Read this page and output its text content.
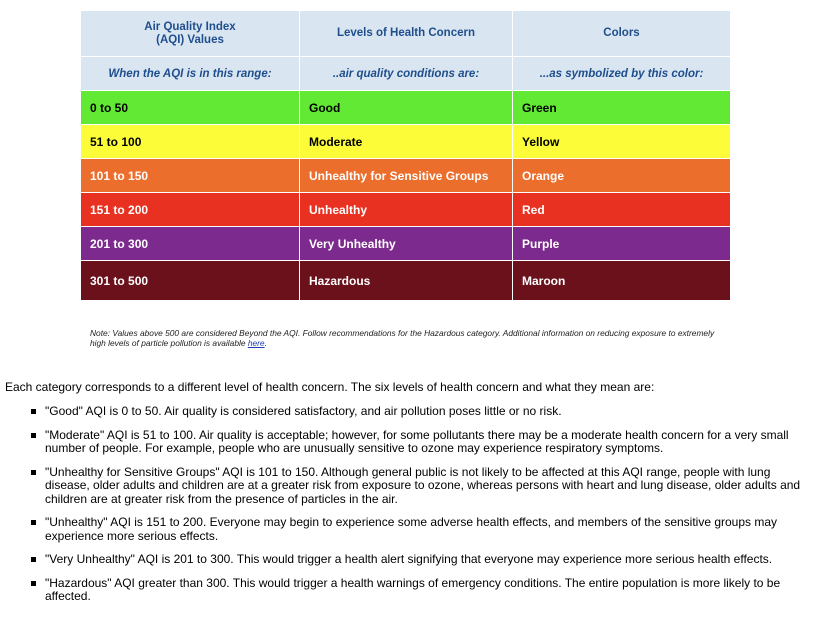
Air Quality Index
(AQI) Values	Levels of Health Concern	Colors
When the AQI is in this range:	..air quality conditions are:	...as symbolized by this color:
0 to 50	Good	Green
51 to 100	Moderate	Yellow
101 to 150	Unhealthy for Sensitive Groups	Orange
151 to 200	Unhealthy	Red
201 to 300	Very Unhealthy	Purple
301 to 500	Hazardous	Maroon

Note: Values above 500 are considered Beyond the AQI. Follow recommendations for the Hazardous category. Additional information on reducing exposure to extremely high levels of particle pollution is available here.

Each category corresponds to a different level of health concern. The six levels of health concern and what they mean are:

"Good" AQI is 0 to 50. Air quality is considered satisfactory, and air pollution poses little or no risk.
"Moderate" AQI is 51 to 100. Air quality is acceptable; however, for some pollutants there may be a moderate health concern for a very small number of people. For example, people who are unusually sensitive to ozone may experience respiratory symptoms.
"Unhealthy for Sensitive Groups" AQI is 101 to 150. Although general public is not likely to be affected at this AQI range, people with lung disease, older adults and children are at a greater risk from exposure to ozone, whereas persons with heart and lung disease, older adults and children are at greater risk from the presence of particles in the air.
"Unhealthy" AQI is 151 to 200. Everyone may begin to experience some adverse health effects, and members of the sensitive groups may experience more serious effects.
"Very Unhealthy" AQI is 201 to 300. This would trigger a health alert signifying that everyone may experience more serious health effects.
"Hazardous" AQI greater than 300. This would trigger a health warnings of emergency conditions. The entire population is more likely to be affected.
